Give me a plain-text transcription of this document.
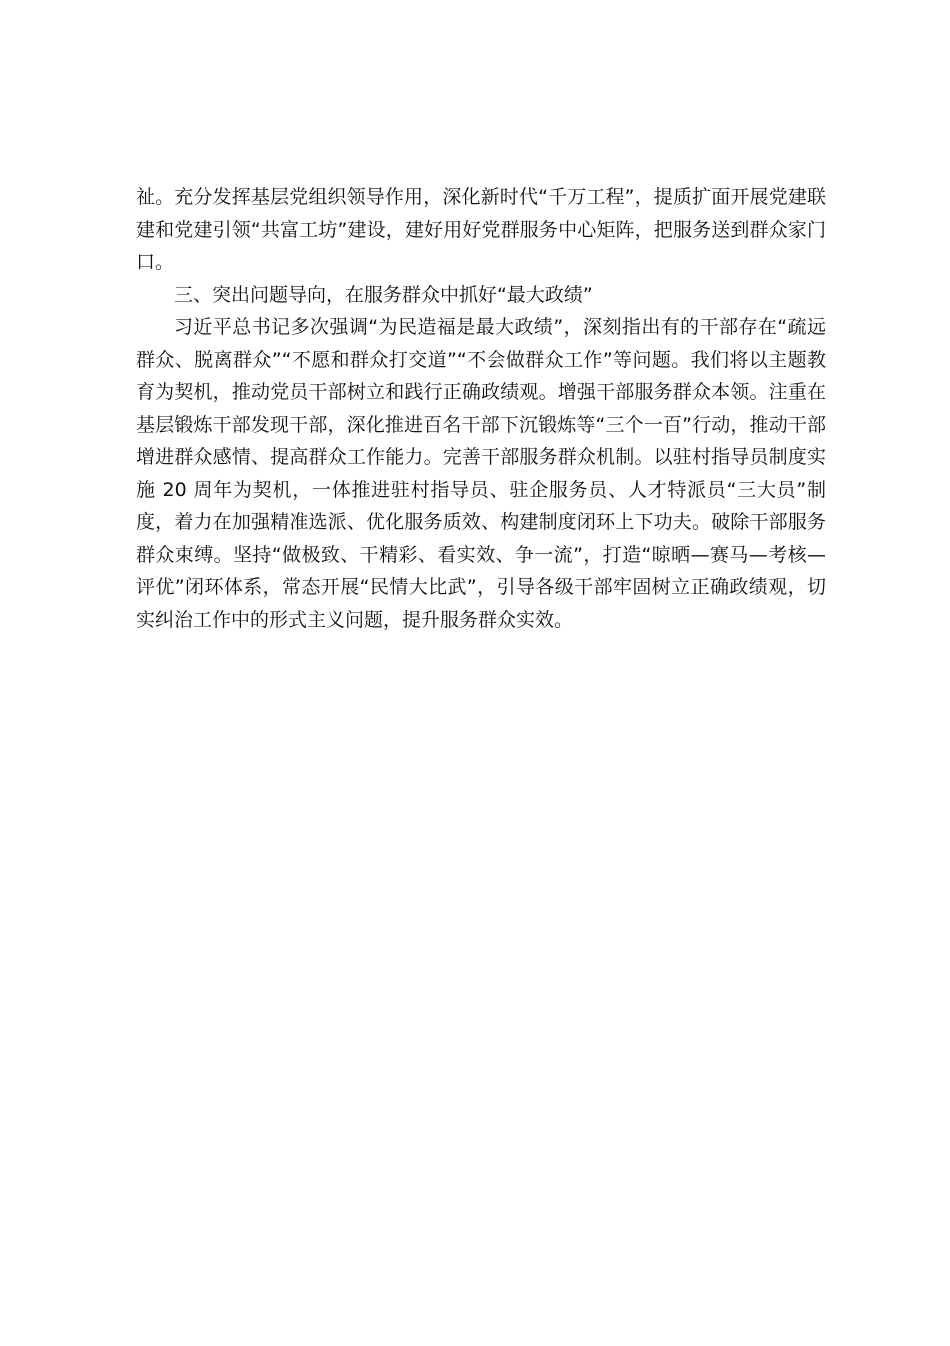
祉。充分发挥基层党组织领导作用，深化新时代“千万工程”，提质扩面开展党建联建和党建引领“共富工坊”建设，建好用好党群服务中心矩阵，把服务送到群众家门口。

三、突出问题导向，在服务群众中抓好“最大政绩”

习近平总书记多次强调“为民造福是最大政绩”，深刻指出有的干部存在“疏远群众、脱离群众”“不愿和群众打交道”“不会做群众工作”等问题。我们将以主题教育为契机，推动党员干部树立和践行正确政绩观。增强干部服务群众本领。注重在基层锻炼干部发现干部，深化推进百名干部下沉锻炼等“三个一百”行动，推动干部增进群众感情、提高群众工作能力。完善干部服务群众机制。以驻村指导员制度实施 20 周年为契机，一体推进驻村指导员、驻企服务员、人才特派员“三大员”制度，着力在加强精准选派、优化服务质效、构建制度闭环上下功夫。破除干部服务群众束缚。坚持“做极致、干精彩、看实效、争一流”，打造“晾晒—赛马—考核—评优”闭环体系，常态开展“民情大比武”，引导各级干部牢固树立正确政绩观，切实纠治工作中的形式主义问题，提升服务群众实效。
